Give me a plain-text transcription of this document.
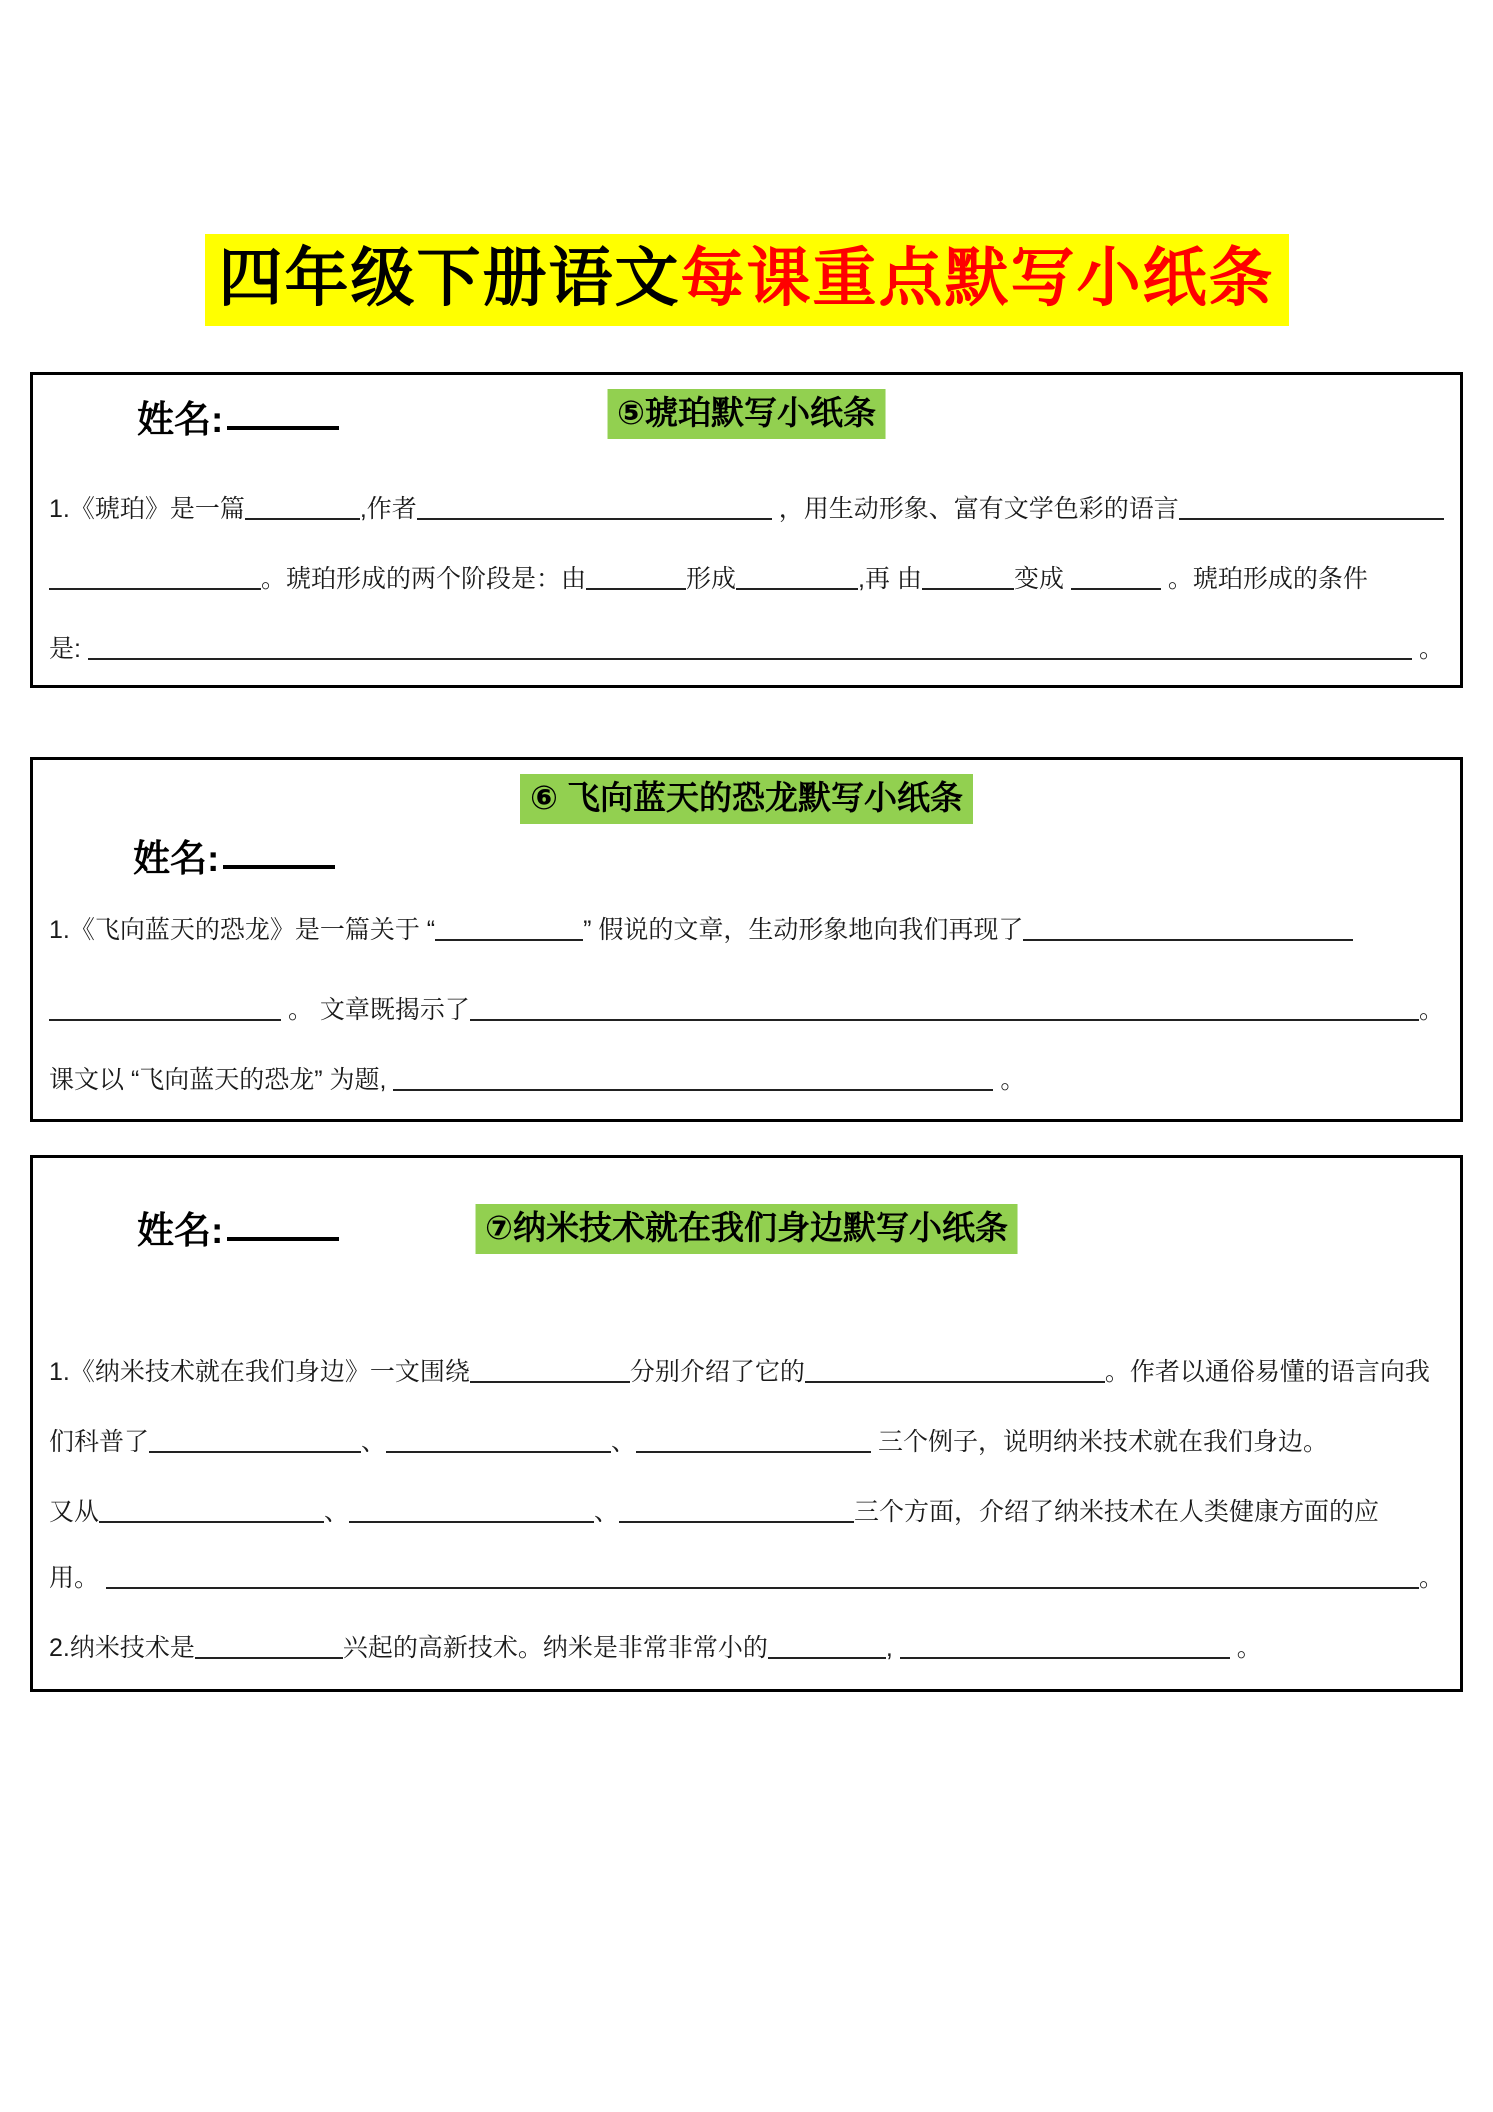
四年级下册语文每课重点默写小纸条
姓名:	⑤琥珀默写小纸条
1.《琥珀》是一篇	,作者	，用生动形象、富有文学色彩的语言
。琥珀形成的两个阶段是：由	形成	,再 由	变成	。琥珀形成的条件
是:	。
⑥ 飞向蓝天的恐龙默写小纸条
姓名:
1.《飞向蓝天的恐龙》是一篇关于 “	” 假说的文章，生动形象地向我们再现了
。 文章既揭示了	。
课文以 “飞向蓝天的恐龙” 为题,	。
姓名:	⑦纳米技术就在我们身边默写小纸条
1.《纳米技术就在我们身边》一文围绕	分别介绍了它的	。作者以通俗易懂的语言向我
们科普了	、	、	三个例子，说明纳米技术就在我们身边。
又从	、	、	三个方面，介绍了纳米技术在人类健康方面的应
用。	。
2.纳米技术是	兴起的高新技术。纳米是非常非常小的	,	。
